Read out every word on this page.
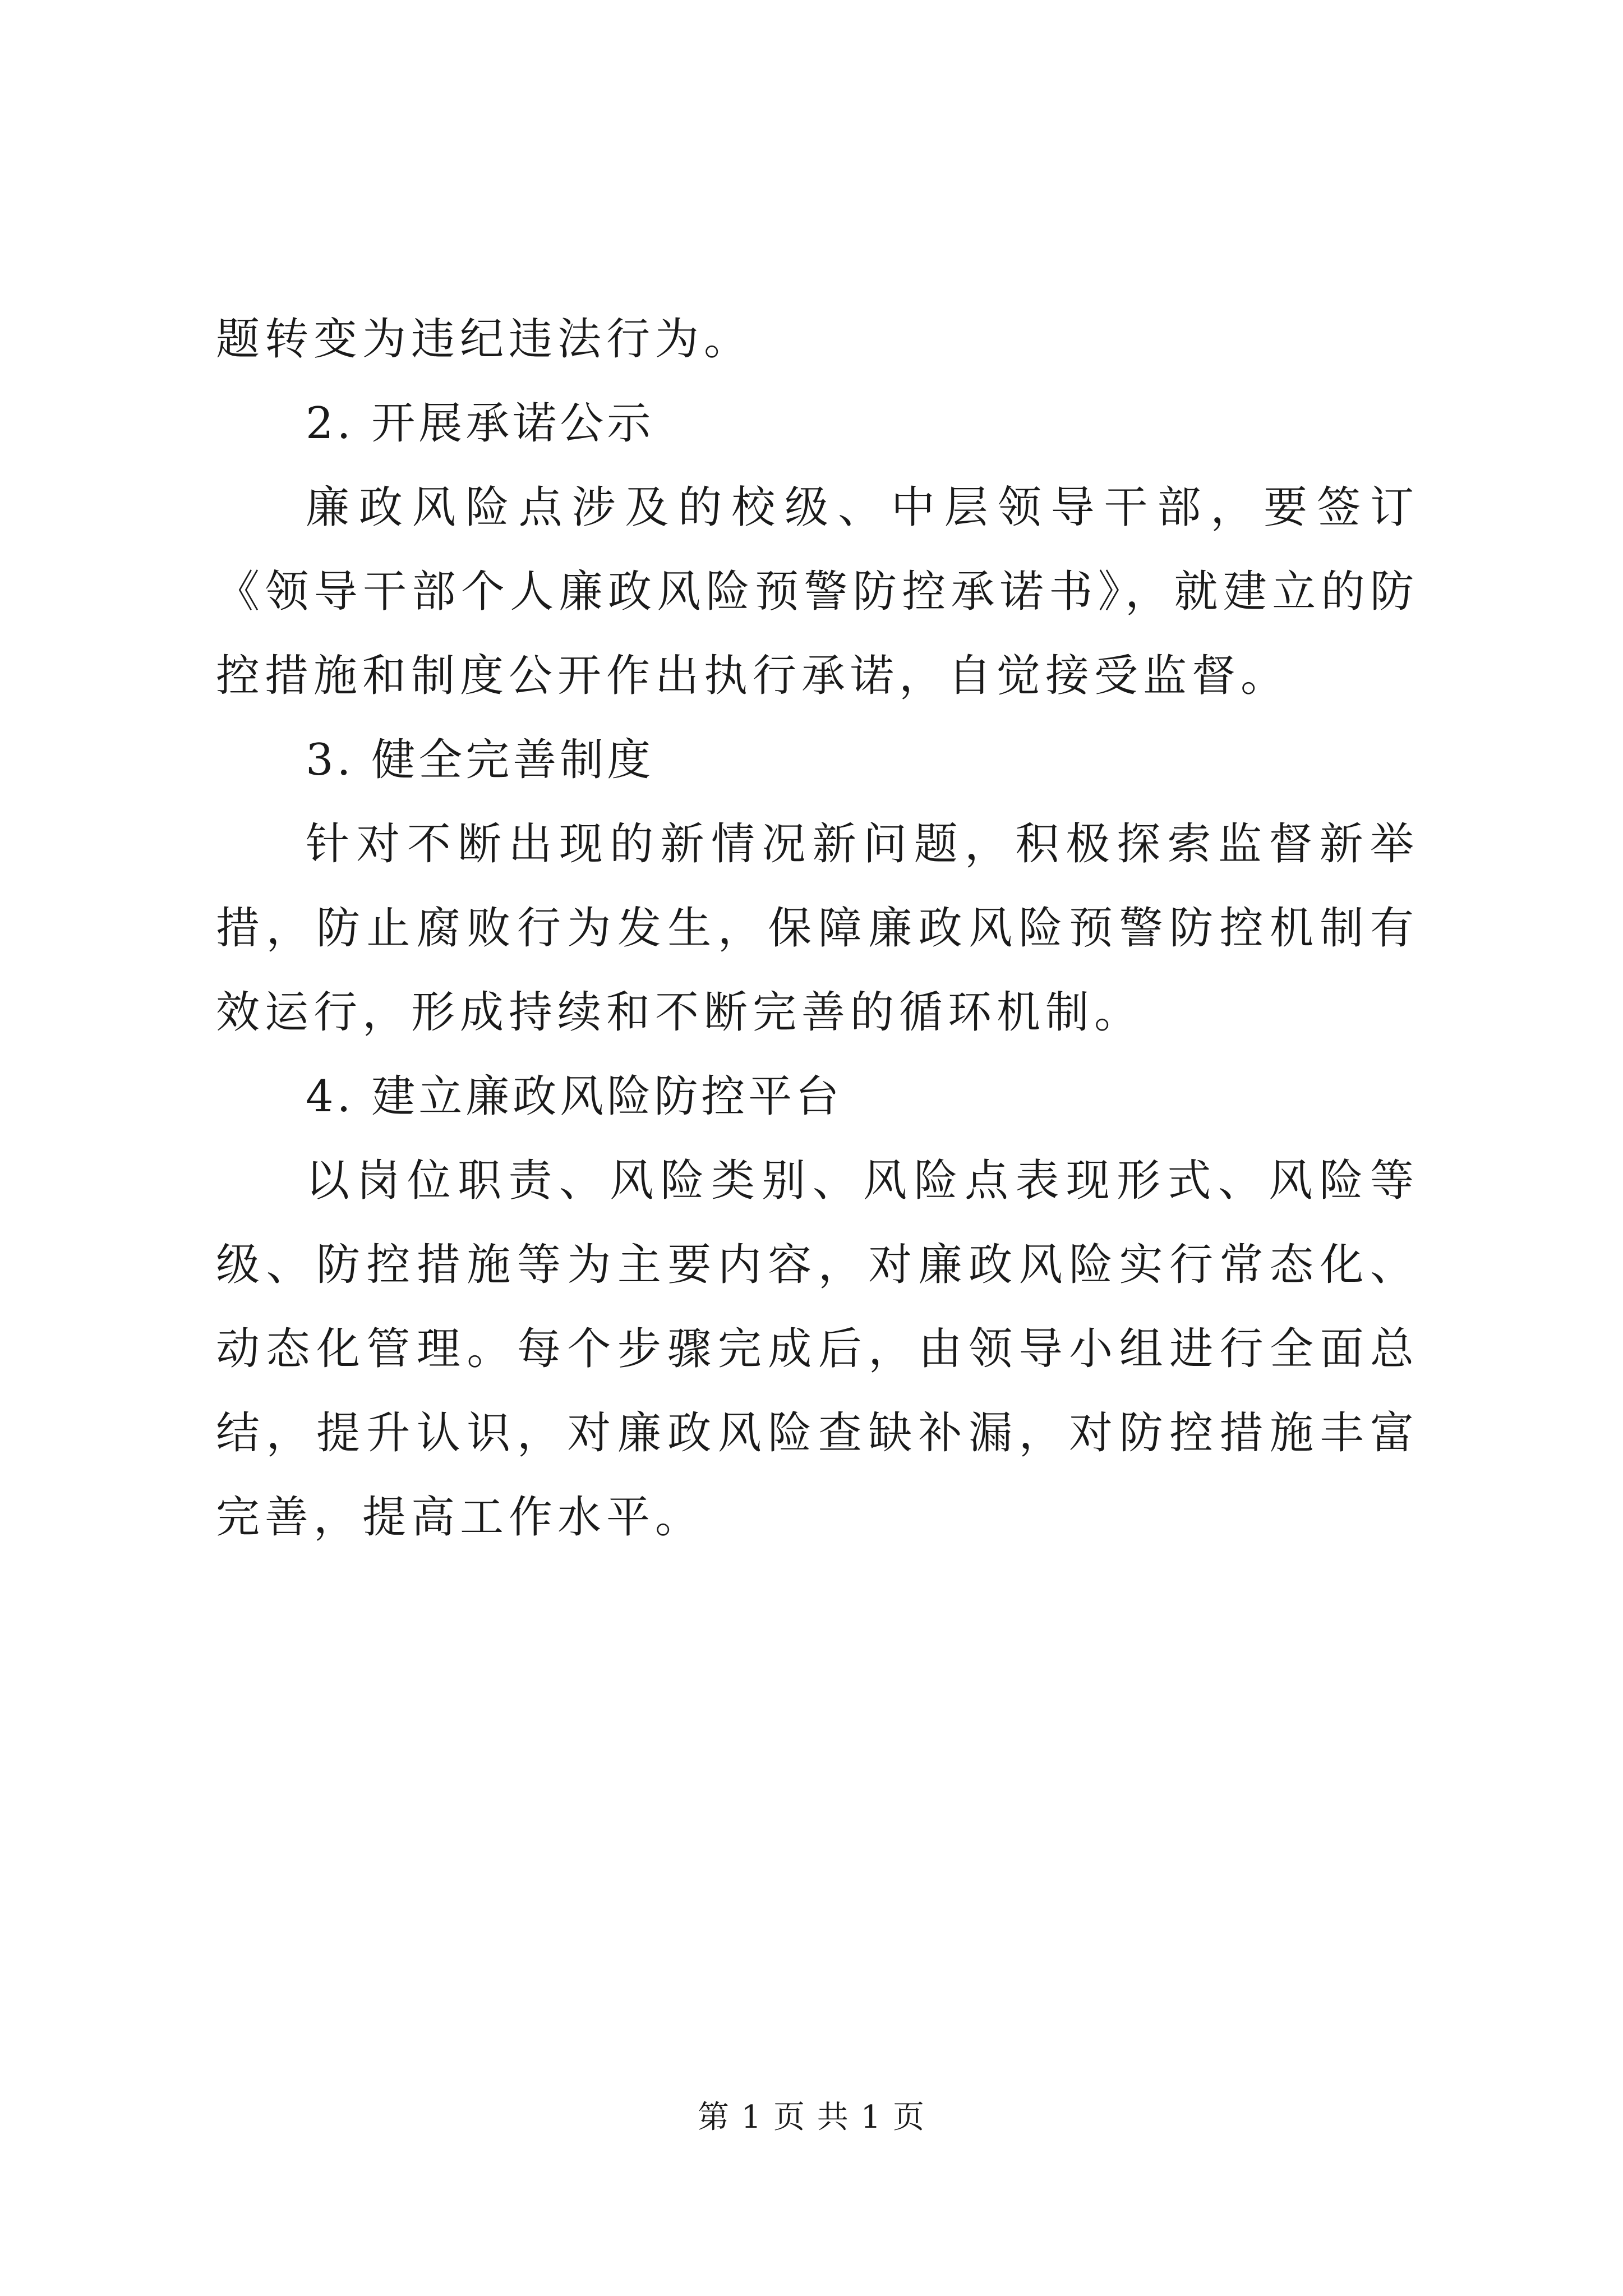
题转变为违纪违法行为。

2. 开展承诺公示

廉政风险点涉及的校级、中层领导干部，要签订《领导干部个人廉政风险预警防控承诺书》，就建立的防控措施和制度公开作出执行承诺，自觉接受监督。

3. 健全完善制度

针对不断出现的新情况新问题，积极探索监督新举措，防止腐败行为发生，保障廉政风险预警防控机制有效运行，形成持续和不断完善的循环机制。

4. 建立廉政风险防控平台

以岗位职责、风险类别、风险点表现形式、风险等级、防控措施等为主要内容，对廉政风险实行常态化、动态化管理。每个步骤完成后，由领导小组进行全面总结，提升认识，对廉政风险查缺补漏，对防控措施丰富完善，提高工作水平。

第 1 页 共 1 页
